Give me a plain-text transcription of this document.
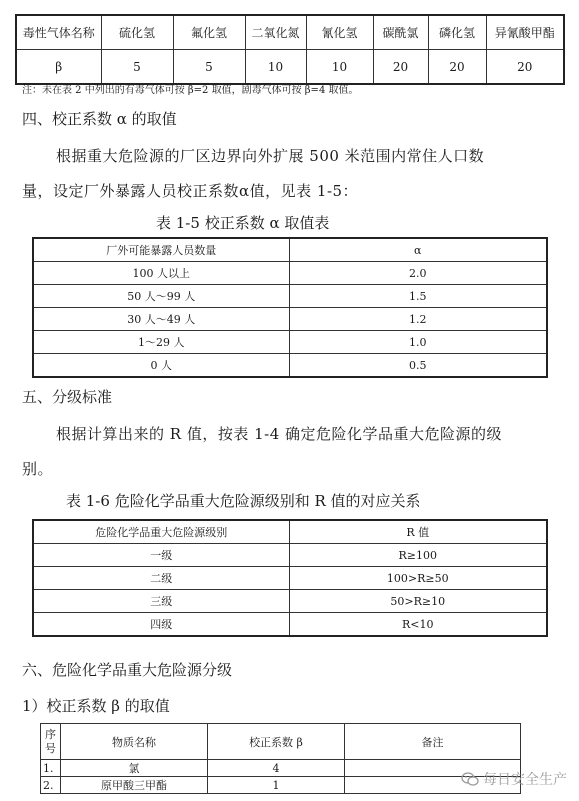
毒性气体名称	硫化氢	氟化氢	二氧化氮	氰化氢	碳酰氯	磷化氢	异氰酸甲酯
β	5	5	10	10	20	20	20
注：未在表 2 中列出的有毒气体可按 β=2 取值，剧毒气体可按 β=4 取值。
四、校正系数 α 的取值
根据重大危险源的厂区边界向外扩展 500 米范围内常住人口数
量，设定厂外暴露人员校正系数α值，见表 1-5：
表 1-5 校正系数 α 取值表
厂外可能暴露人员数量	α
100 人以上	2.0
50 人～99 人	1.5
30 人～49 人	1.2
1～29 人	1.0
0 人	0.5
五、分级标准
根据计算出来的 R 值，按表 1-4 确定危险化学品重大危险源的级
别。
表 1-6 危险化学品重大危险源级别和 R 值的对应关系
危险化学品重大危险源级别	R 值
一级	R≥100
二级	100>R≥50
三级	50>R≥10
四级	R<10
六、危险化学品重大危险源分级
1）校正系数 β 的取值
序
号	物质名称	校正系数 β	备注
1.	氯	4	
2.	原甲酸三甲酯	1		每日安全生产
